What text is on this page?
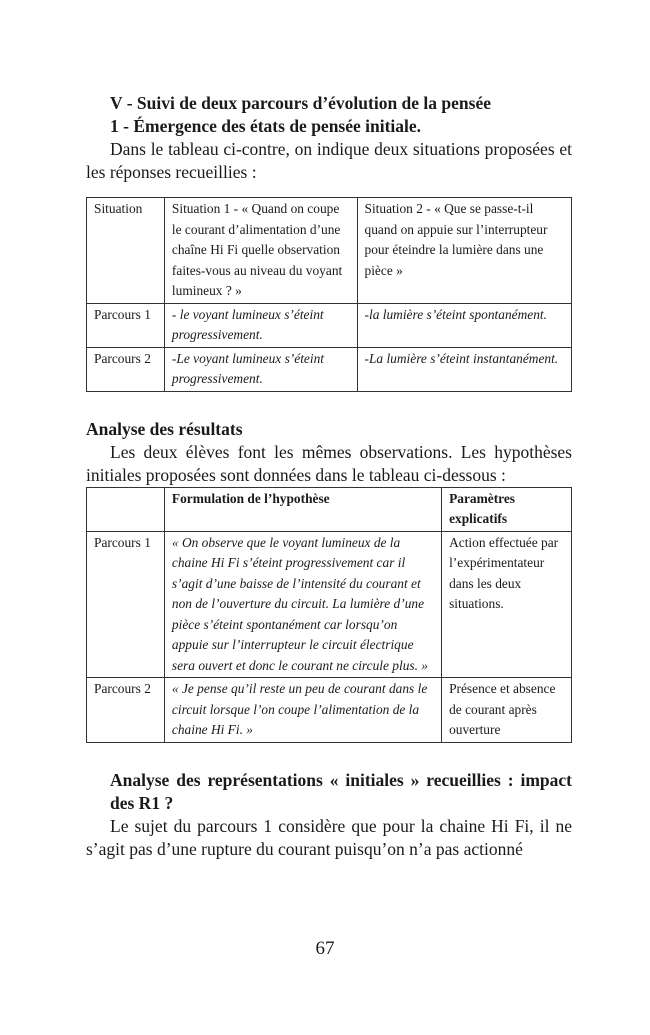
V - Suivi de deux parcours d’évolution de la pensée
1 - Émergence des états de pensée initiale.
Dans le tableau ci-contre, on indique deux situations proposées et les réponses recueillies :
Situation	Situation 1 - « Quand on coupe le courant d’alimentation d’une chaîne Hi Fi quelle observation faites-vous au niveau du voyant lumineux ? »	Situation 2 - « Que se passe-t-il quand on appuie sur l’interrupteur pour éteindre la lumière dans une pièce »
Parcours 1	- le voyant lumineux s’éteint progressivement.	-la lumière s’éteint spontanément.
Parcours 2	-Le voyant lumineux s’éteint progressivement.	-La lumière s’éteint instantanément.
Analyse des résultats
Les deux élèves font les mêmes observations. Les hypothèses initiales proposées sont données dans le tableau ci-dessous :
	Formulation de l’hypothèse	Paramètres explicatifs
Parcours 1	« On observe que le voyant lumineux de la chaine Hi Fi s’éteint progressivement car il s’agit d’une baisse de l’intensité du courant et non de l’ouverture du circuit. La lumière d’une pièce s’éteint spontanément car lorsqu’on appuie sur l’interrupteur le circuit électrique sera ouvert et donc le courant ne circule plus. »	Action effectuée par l’expérimentateur dans les deux situations.
Parcours 2	« Je pense qu’il reste un peu de courant dans le circuit lorsque l’on coupe l’alimentation de la chaine Hi Fi. »	Présence et absence de courant après ouverture
Analyse des représentations « initiales » recueillies : impact des R1 ?
Le sujet du parcours 1 considère que pour la chaine Hi Fi, il ne s’agit pas d’une rupture du courant puisqu’on n’a pas actionné
67
